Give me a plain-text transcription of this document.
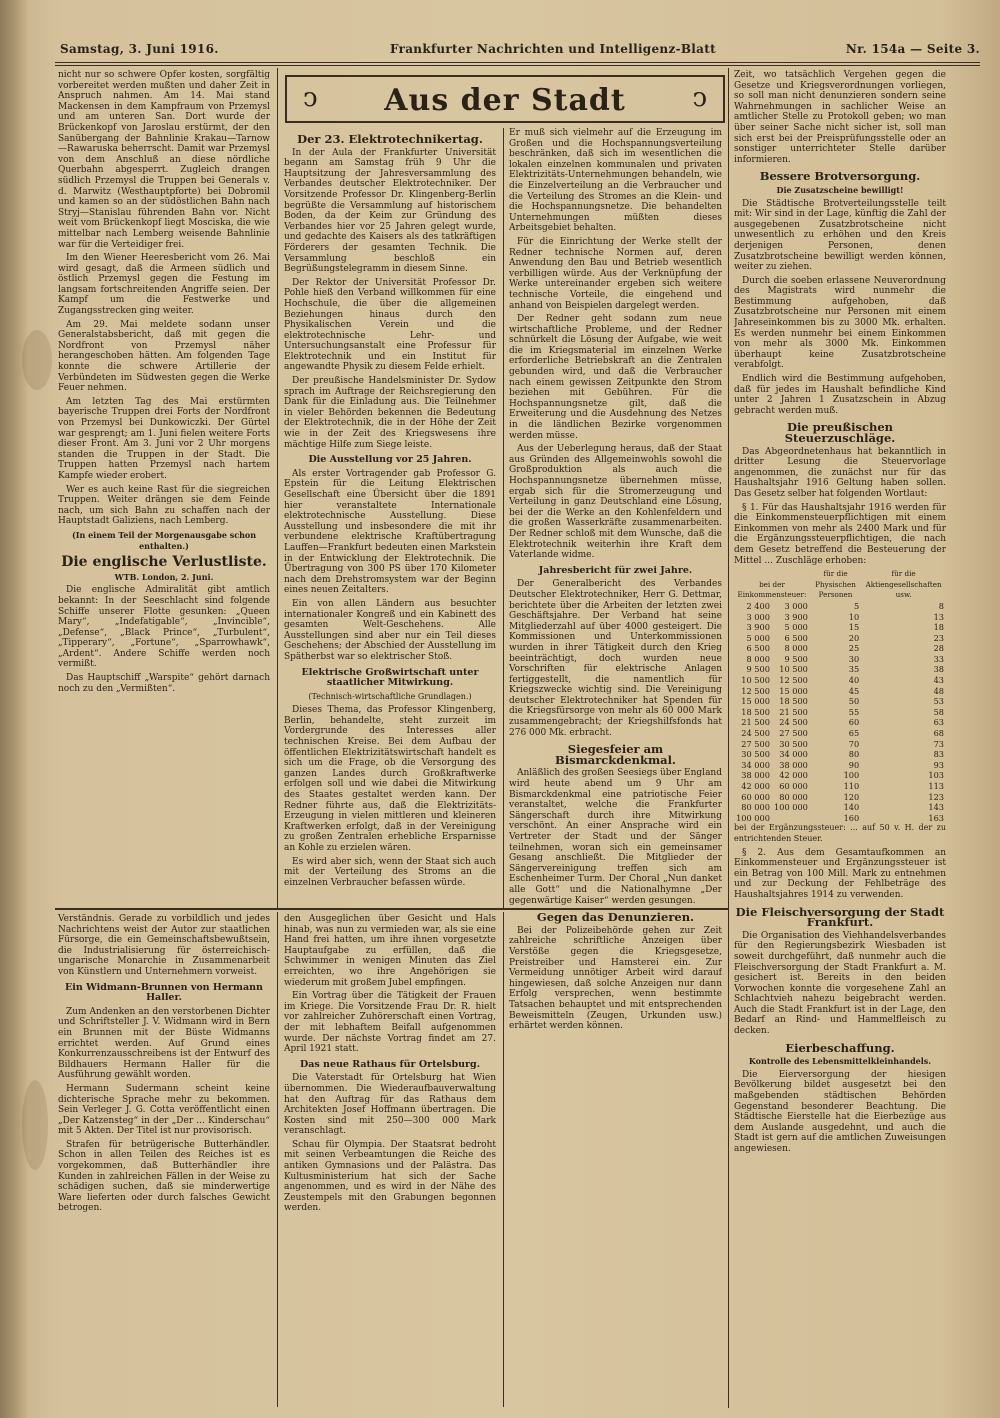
Samstag, 3. Juni 1916.	Frankfurter Nachrichten und Intelligenz-Blatt	Nr. 154a — Seite 3.
ↄ	Aus der Stadt	ↄ

nicht nur so schwere Opfer kosten, sorgfältig vorbereitet werden mußten und daher Zeit in Anspruch nahmen. Am 14. Mai stand Mackensen in dem Kampfraum von Przemysl und am unteren San. Dort wurde der Brückenkopf von Jaroslau erstürmt, der den Sanübergang der Bahnlinie Krakau—Tarnow—Rawaruska beherrscht. Damit war Przemysl von dem Anschluß an diese nördliche Querbahn abgesperrt. Zugleich drangen südlich Przemysl die Truppen bei Generals v. d. Marwitz (Westhauptpforte) bei Dobromil und kamen so an der südöstlichen Bahn nach Stryj—Stanislau führenden Bahn vor. Nicht weit vom Brückenkopf liegt Mosciska, die wie mittelbar nach Lemberg weisende Bahnlinie war für die Verteidiger frei.

Im den Wiener Heeresbericht vom 26. Mai wird gesagt, daß die Armeen südlich und östlich Przemysl gegen die Festung im langsam fortschreitenden Angriffe seien. Der Kampf um die Festwerke und Zugangsstrecken ging weiter.

Am 29. Mai meldete sodann unser Generalstabsbericht, daß mit gegen die Nordfront von Przemysl näher herangeschoben hätten. Am folgenden Tage konnte die schwere Artillerie der Verbündeten im Südwesten gegen die Werke Feuer nehmen.

Am letzten Tag des Mai erstürmten bayerische Truppen drei Forts der Nordfront von Przemysl bei Dunkowiczki. Der Gürtel war gesprengt; am 1. Juni fielen weitere Forts dieser Front. Am 3. Juni vor 2 Uhr morgens standen die Truppen in der Stadt. Die Truppen hatten Przemysl nach hartem Kampfe wieder erobert.

Wer es auch keine Rast für die siegreichen Truppen. Weiter drängen sie dem Feinde nach, um sich Bahn zu schaffen nach der Hauptstadt Galiziens, nach Lemberg.

(In einem Teil der Morgenausgabe schon enthalten.)
Die englische Verlustliste.
WTB. London, 2. Juni.

Die englische Admiralität gibt amtlich bekannt: In der Seeschlacht sind folgende Schiffe unserer Flotte gesunken: „Queen Mary“, „Indefatigable“, „Invincible“, „Defense“, „Black Prince“, „Turbulent“, „Tipperary“, „Fortune“, „Sparrowhawk“, „Ardent“. Andere Schiffe werden noch vermißt.

Das Hauptschiff „Warspite“ gehört darnach noch zu den „Vermißten“.

Der 23. Elektrotechnikertag.

In der Aula der Frankfurter Universität begann am Samstag früh 9 Uhr die Hauptsitzung der Jahresversammlung des Verbandes deutscher Elektrotechniker. Der Vorsitzende Professor Dr. Klingenberg-Berlin begrüßte die Versammlung auf historischem Boden, da der Keim zur Gründung des Verbandes hier vor 25 Jahren gelegt wurde, und gedachte des Kaisers als des tatkräftigen Förderers der gesamten Technik. Die Versammlung beschloß ein Begrüßungstelegramm in diesem Sinne.

Der Rektor der Universität Professor Dr. Pohle hieß den Verband willkommen für eine Hochschule, die über die allgemeinen Beziehungen hinaus durch den Physikalischen Verein und die elektrotechnische Lehr- und Untersuchungsanstalt eine Professur für Elektrotechnik und ein Institut für angewandte Physik zu diesem Felde erhielt.

Der preußische Handelsminister Dr. Sydow sprach im Auftrage der Reichsregierung den Dank für die Einladung aus. Die Teilnehmer in vieler Behörden bekennen die Bedeutung der Elektrotechnik, die in der Höhe der Zeit wie in der Zeit des Kriegswesens ihre mächtige Hilfe zum Siege leiste.

Die Ausstellung vor 25 Jahren.

Als erster Vortragender gab Professor G. Epstein für die Leitung Elektrischen Gesellschaft eine Übersicht über die 1891 hier veranstaltete Internationale elektrotechnische Ausstellung. Diese Ausstellung und insbesondere die mit ihr verbundene elektrische Kraftübertragung Lauffen—Frankfurt bedeuten einen Markstein in der Entwicklung der Elektrotechnik. Die Übertragung von 300 PS über 170 Kilometer nach dem Drehstromsystem war der Beginn eines neuen Zeitalters.

Ein von allen Ländern aus besuchter internationaler Kongreß und ein Kabinett des gesamten Welt-Geschehens. Alle Ausstellungen sind aber nur ein Teil dieses Geschehens; der Abschied der Ausstellung im Spätherbst war so elektrischer Stoß.

Elektrische Großwirtschaft unter staatlicher Mitwirkung.
(Technisch-wirtschaftliche Grundlagen.)

Dieses Thema, das Professor Klingenberg, Berlin, behandelte, steht zurzeit im Vordergrunde des Interesses aller technischen Kreise. Bei dem Aufbau der öffentlichen Elektrizitätswirtschaft handelt es sich um die Frage, ob die Versorgung des ganzen Landes durch Großkraftwerke erfolgen soll und wie dabei die Mitwirkung des Staates gestaltet werden kann. Der Redner führte aus, daß die Elektrizitäts-Erzeugung in vielen mittleren und kleineren Kraftwerken erfolgt, daß in der Vereinigung zu großen Zentralen erhebliche Ersparnisse an Kohle zu erzielen wären.

Es wird aber sich, wenn der Staat sich auch mit der Verteilung des Stroms an die einzelnen Verbraucher befassen würde.

Er muß sich vielmehr auf die Erzeugung im Großen und die Hochspannungsverteilung beschränken, daß sich im wesentlichen die lokalen einzelnen kommunalen und privaten Elektrizitäts-Unternehmungen behandeln, wie die Einzelverteilung an die Verbraucher und die Verteilung des Stromes an die Klein- und die Hochspannungsnetze. Die behandelten Unternehmungen müßten dieses Arbeitsgebiet behalten.

Für die Einrichtung der Werke stellt der Redner technische Normen auf, deren Anwendung den Bau und Betrieb wesentlich verbilligen würde. Aus der Verknüpfung der Werke untereinander ergeben sich weitere technische Vorteile, die eingehend und anhand von Beispielen dargelegt werden.

Der Redner geht sodann zum neue wirtschaftliche Probleme, und der Redner schnürkelt die Lösung der Aufgabe, wie weit die im Kriegsmaterial im einzelnen Werke erforderliche Betriebskraft an die Zentralen gebunden wird, und daß die Verbraucher nach einem gewissen Zeitpunkte den Strom beziehen mit Gebühren. Für die Hochspannungsnetze gilt, daß die Erweiterung und die Ausdehnung des Netzes in die ländlichen Bezirke vorgenommen werden müsse.

Aus der Ueberlegung heraus, daß der Staat aus Gründen des Allgemeinwohls sowohl die Großproduktion als auch die Hochspannungsnetze übernehmen müsse, ergab sich für die Stromerzeugung und Verteilung in ganz Deutschland eine Lösung, bei der die Werke an den Kohlenfeldern und die großen Wasserkräfte zusammenarbeiten. Der Redner schloß mit dem Wunsche, daß die Elektrotechnik weiterhin ihre Kraft dem Vaterlande widme.

Jahresbericht für zwei Jahre.

Der Generalbericht des Verbandes Deutscher Elektrotechniker, Herr G. Dettmar, berichtete über die Arbeiten der letzten zwei Geschäftsjahre. Der Verband hat seine Mitgliederzahl auf über 4000 gesteigert. Die Kommissionen und Unterkommissionen wurden in ihrer Tätigkeit durch den Krieg beeinträchtigt, doch wurden neue Vorschriften für elektrische Anlagen fertiggestellt, die namentlich für Kriegszwecke wichtig sind. Die Vereinigung deutscher Elektrotechniker hat Spenden für die Kriegsfürsorge von mehr als 60 000 Mark zusammengebracht; der Kriegshilfsfonds hat 276 000 Mk. erbracht.

Siegesfeier am Bismarckdenkmal.

Anläßlich des großen Seesiegs über England wird heute abend um 9 Uhr am Bismarckdenkmal eine patriotische Feier veranstaltet, welche die Frankfurter Sängerschaft durch ihre Mitwirkung verschönt. An einer Ansprache wird ein Vertreter der Stadt und der Sänger teilnehmen, woran sich ein gemeinsamer Gesang anschließt. Die Mitglieder der Sängervereinigung treffen sich am Eschenheimer Turm. Der Choral „Nun danket alle Gott“ und die Nationalhymne „Der gegenwärtige Kaiser“ werden gesungen.

Gegen das Denunzieren.

Bei der Polizeibehörde gehen zur Zeit zahlreiche schriftliche Anzeigen über Verstöße gegen die Kriegsgesetze, Preistreiber und Hamsterei ein. Zur Vermeidung unnötiger Arbeit wird darauf hingewiesen, daß solche Anzeigen nur dann Erfolg versprechen, wenn bestimmte Tatsachen behauptet und mit entsprechenden Beweismitteln (Zeugen, Urkunden usw.) erhärtet werden können.

Zeit, wo tatsächlich Vergehen gegen die Gesetze und Kriegsverordnungen vorliegen, so soll man nicht denunzieren sondern seine Wahrnehmungen in sachlicher Weise an amtlicher Stelle zu Protokoll geben; wo man über seiner Sache nicht sicher ist, soll man sich erst bei der Preisprüfungsstelle oder an sonstiger unterrichteter Stelle darüber informieren.

Bessere Brotversorgung.
Die Zusatzscheine bewilligt!

Die Städtische Brotverteilungsstelle teilt mit: Wir sind in der Lage, künftig die Zahl der ausgegebenen Zusatzbrotscheine nicht unwesentlich zu erhöhen und den Kreis derjenigen Personen, denen Zusatzbrotscheine bewilligt werden können, weiter zu ziehen.

Durch die soeben erlassene Neuverordnung des Magistrats wird nunmehr die Bestimmung aufgehoben, daß Zusatzbrotscheine nur Personen mit einem Jahreseinkommen bis zu 3000 Mk. erhalten. Es werden nunmehr bei einem Einkommen von mehr als 3000 Mk. Einkommen überhaupt keine Zusatzbrotscheine verabfolgt.

Endlich wird die Bestimmung aufgehoben, daß für jedes im Haushalt befindliche Kind unter 2 Jahren 1 Zusatzschein in Abzug gebracht werden muß.

Die preußischen Steuerzuschläge.

Das Abgeordnetenhaus hat bekanntlich in dritter Lesung die Steuervorlage angenommen, die zunächst nur für das Haushaltsjahr 1916 Geltung haben sollen. Das Gesetz selber hat folgenden Wortlaut:

§ 1. Für das Haushaltsjahr 1916 werden für die Einkommensteuerpflichtigen mit einem Einkommen von mehr als 2400 Mark und für die Ergänzungssteuerpflichtigen, die nach dem Gesetz betreffend die Besteuerung der Mittel ... Zuschläge erhoben:

bei der Einkommensteuer:		für die Physischen Personen	für die Aktiengesellschaften usw.
2 400	3 000	5	8
3 000	3 900	10	13
3 900	5 000	15	18
5 000	6 500	20	23
6 500	8 000	25	28
8 000	9 500	30	33
9 500	10 500	35	38
10 500	12 500	40	43
12 500	15 000	45	48
15 000	18 500	50	53
18 500	21 500	55	58
21 500	24 500	60	63
24 500	27 500	65	68
27 500	30 500	70	73
30 500	34 000	80	83
34 000	38 000	90	93
38 000	42 000	100	103
42 000	60 000	110	113
60 000	80 000	120	123
80 000	100 000	140	143
100 000		160	163

bei der Ergänzungssteuer: ... auf 50 v. H. der zu entrichtenden Steuer.

§ 2. Aus dem Gesamtaufkommen an Einkommensteuer und Ergänzungssteuer ist ein Betrag von 100 Mill. Mark zu entnehmen und zur Deckung der Fehlbeträge des Haushaltsjahres 1914 zu verwenden.

Die Fleischversorgung der Stadt Frankfurt.

Die Organisation des Viehhandelsverbandes für den Regierungsbezirk Wiesbaden ist soweit durchgeführt, daß nunmehr auch die Fleischversorgung der Stadt Frankfurt a. M. gesichert ist. Bereits in den beiden Vorwochen konnte die vorgesehene Zahl an Schlachtvieh nahezu beigebracht werden. Auch die Stadt Frankfurt ist in der Lage, den Bedarf an Rind- und Hammelfleisch zu decken.

Eierbeschaffung.
Kontrolle des Lebensmittelkleinhandels.

Die Eierversorgung der hiesigen Bevölkerung bildet ausgesetzt bei den maßgebenden städtischen Behörden Gegenstand besonderer Beachtung. Die Städtische Eierstelle hat die Eierbezüge aus dem Auslande ausgedehnt, und auch die Stadt ist gern auf die amtlichen Zuweisungen angewiesen.

Verständnis. Gerade zu vorbildlich und jedes Nachrichtens weist der Autor zur staatlichen Fürsorge, die ein Gemeinschaftsbewußtsein, die Industrialisierung für österreichisch-ungarische Monarchie in Zusammenarbeit von Künstlern und Unternehmern vorweist.

Ein Widmann-Brunnen von Hermann Haller.

Zum Andenken an den verstorbenen Dichter und Schriftsteller J. V. Widmann wird in Bern ein Brunnen mit der Büste Widmanns errichtet werden. Auf Grund eines Konkurrenzausschreibens ist der Entwurf des Bildhauers Hermann Haller für die Ausführung gewählt worden.

Hermann Sudermann scheint keine dichterische Sprache mehr zu bekommen. Sein Verleger J. G. Cotta veröffentlicht einen „Der Katzensteg“ in der „Der ... Kinderschau“ mit 5 Akten. Der Titel ist nur provisorisch.

Strafen für betrügerische Butterhändler. Schon in allen Teilen des Reiches ist es vorgekommen, daß Butterhändler ihre Kunden in zahlreichen Fällen in der Weise zu schädigen suchen, daß sie minderwertige Ware lieferten oder durch falsches Gewicht betrogen.

den Ausgeglichen über Gesicht und Hals hinab, was nun zu vermieden war, als sie eine Hand frei hatten, um ihre ihnen vorgesetzte Hauptaufgabe zu erfüllen, daß die Schwimmer in wenigen Minuten das Ziel erreichten, wo ihre Angehörigen sie wiederum mit großem Jubel empfingen.

Ein Vortrag über die Tätigkeit der Frauen im Kriege. Die Vorsitzende Frau Dr. R. hielt vor zahlreicher Zuhörerschaft einen Vortrag, der mit lebhaftem Beifall aufgenommen wurde. Der nächste Vortrag findet am 27. April 1921 statt.

Das neue Rathaus für Ortelsburg.

Die Vaterstadt für Ortelsburg hat Wien übernommen. Die Wiederaufbauverwaltung hat den Auftrag für das Rathaus dem Architekten Josef Hoffmann übertragen. Die Kosten sind mit 250—300 000 Mark veranschlagt.

Schau für Olympia. Der Staatsrat bedroht mit seinen Verbeamtungen die Reiche des antiken Gymnasions und der Palästra. Das Kultusministerium hat sich der Sache angenommen, und es wird in der Nähe des Zeustempels mit den Grabungen begonnen werden.
